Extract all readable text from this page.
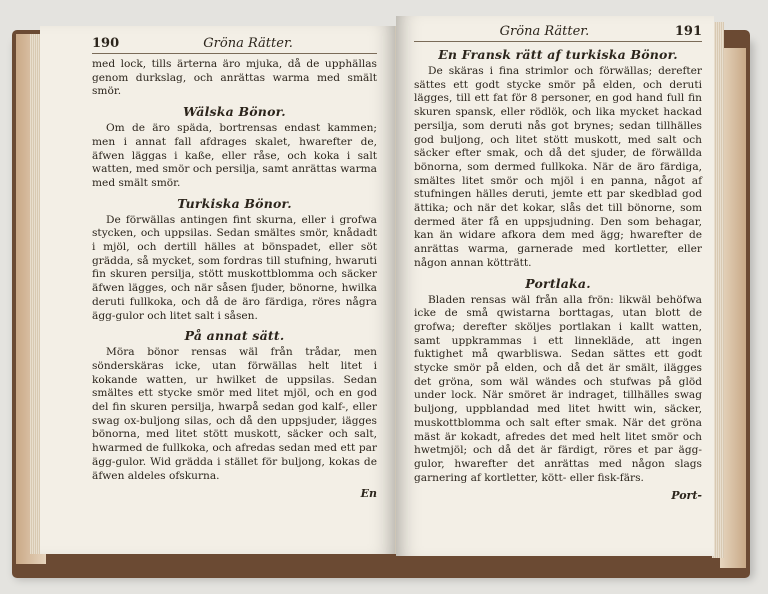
190	Gröna Rätter.

med lock, tills ärterna äro mjuka, då de upphällas genom durkslag, och anrättas warma med smält smör.

Wälska Bönor.

Om de äro späda, bortrensas endast kammen; men i annat fall afdrages skalet, hwarefter de, äfwen läggas i kaße, eller råse, och koka i salt watten, med smör och persilja, samt anrättas warma med smält smör.

Turkiska Bönor.

De förwällas antingen fint skurna, eller i grofwa stycken, och uppsilas. Sedan smältes smör, knådadt i mjöl, och dertill hälles at bönspadet, eller söt grädda, så mycket, som fordras till stufning, hwaruti fin skuren persilja, stött muskottblomma och säcker äfwen lägges, och när såsen fjuder, bönorne, hwilka deruti fullkoka, och då de äro färdiga, röres några ägg-gulor och litet salt i såsen.

På annat sätt.

Möra bönor rensas wäl från trådar, men sönderskäras icke, utan förwällas helt litet i kokande watten, ur hwilket de uppsilas. Sedan smältes ett stycke smör med litet mjöl, och en god del fin skuren persilja, hwarpå sedan god kalf-, eller swag ox-buljong silas, och då den uppsjuder, iägges bönorna, med litet stött muskott, säcker och salt, hwarmed de fullkoka, och afredas sedan med ett par ägg-gulor. Wid grädda i stället för buljong, kokas de äfwen aldeles ofskurna.

En
Gröna Rätter.	191
En Fransk rätt af turkiska Bönor.

De skäras i fina strimlor och förwällas; derefter sättes ett godt stycke smör på elden, och deruti lägges, till ett fat för 8 personer, en god hand full fin skuren spansk, eller rödlök, och lika mycket hackad persilja, som deruti nås got brynes; sedan tillhälles god buljong, och litet stött muskott, med salt och säcker efter smak, och då det sjuder, de förwällda bönorna, som dermed fullkoka. När de äro färdiga, smältes litet smör och mjöl i en panna, något af stufningen hälles deruti, jemte ett par skedblad god ättika; och när det kokar, slås det till bönorne, som dermed äter få en uppsjudning. Den som behagar, kan än widare afkora dem med ägg; hwarefter de anrättas warma, garnerade med kortletter, eller någon annan kötträtt.

Portlaka.

Bladen rensas wäl från alla frön: likwäl behöfwa icke de små qwistarna borttagas, utan blott de grofwa; derefter sköljes portlakan i kallt watten, samt uppkrammas i ett linnekläde, att ingen fuktighet må qwarbliswa. Sedan sättes ett godt stycke smör på elden, och då det är smält, ilägges det gröna, som wäl wändes och stufwas på glöd under lock. När smöret är indraget, tillhälles swag buljong, uppblandad med litet hwitt win, säcker, muskottblomma och salt efter smak. När det gröna mäst är kokadt, afredes det med helt litet smör och hwetmjöl; och då det är färdigt, röres et par ägg-gulor, hwarefter det anrättas med någon slags garnering af kortletter, kött- eller fisk-färs.

Port-
